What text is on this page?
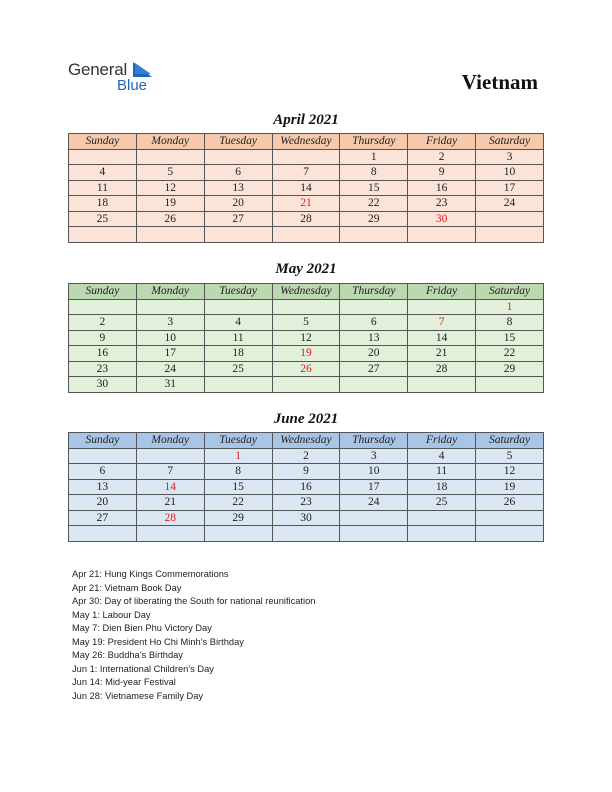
General
Blue	Vietnam
April 2021
Sunday	Monday	Tuesday	Wednesday	Thursday	Friday	Saturday
				1	2	3
4	5	6	7	8	9	10
11	12	13	14	15	16	17
18	19	20	21	22	23	24
25	26	27	28	29	30	

May 2021
Sunday	Monday	Tuesday	Wednesday	Thursday	Friday	Saturday
						1
2	3	4	5	6	7	8
9	10	11	12	13	14	15
16	17	18	19	20	21	22
23	24	25	26	27	28	29
30	31					
June 2021
Sunday	Monday	Tuesday	Wednesday	Thursday	Friday	Saturday
		1	2	3	4	5
6	7	8	9	10	11	12
13	14	15	16	17	18	19
20	21	22	23	24	25	26
27	28	29	30			

Apr 21: Hung Kings Commemorations
Apr 21: Vietnam Book Day
Apr 30: Day of liberating the South for national reunification
May 1: Labour Day
May 7: Dien Bien Phu Victory Day
May 19: President Ho Chi Minh’s Birthday
May 26: Buddha’s Birthday
Jun 1: International Children’s Day
Jun 14: Mid-year Festival
Jun 28: Vietnamese Family Day
